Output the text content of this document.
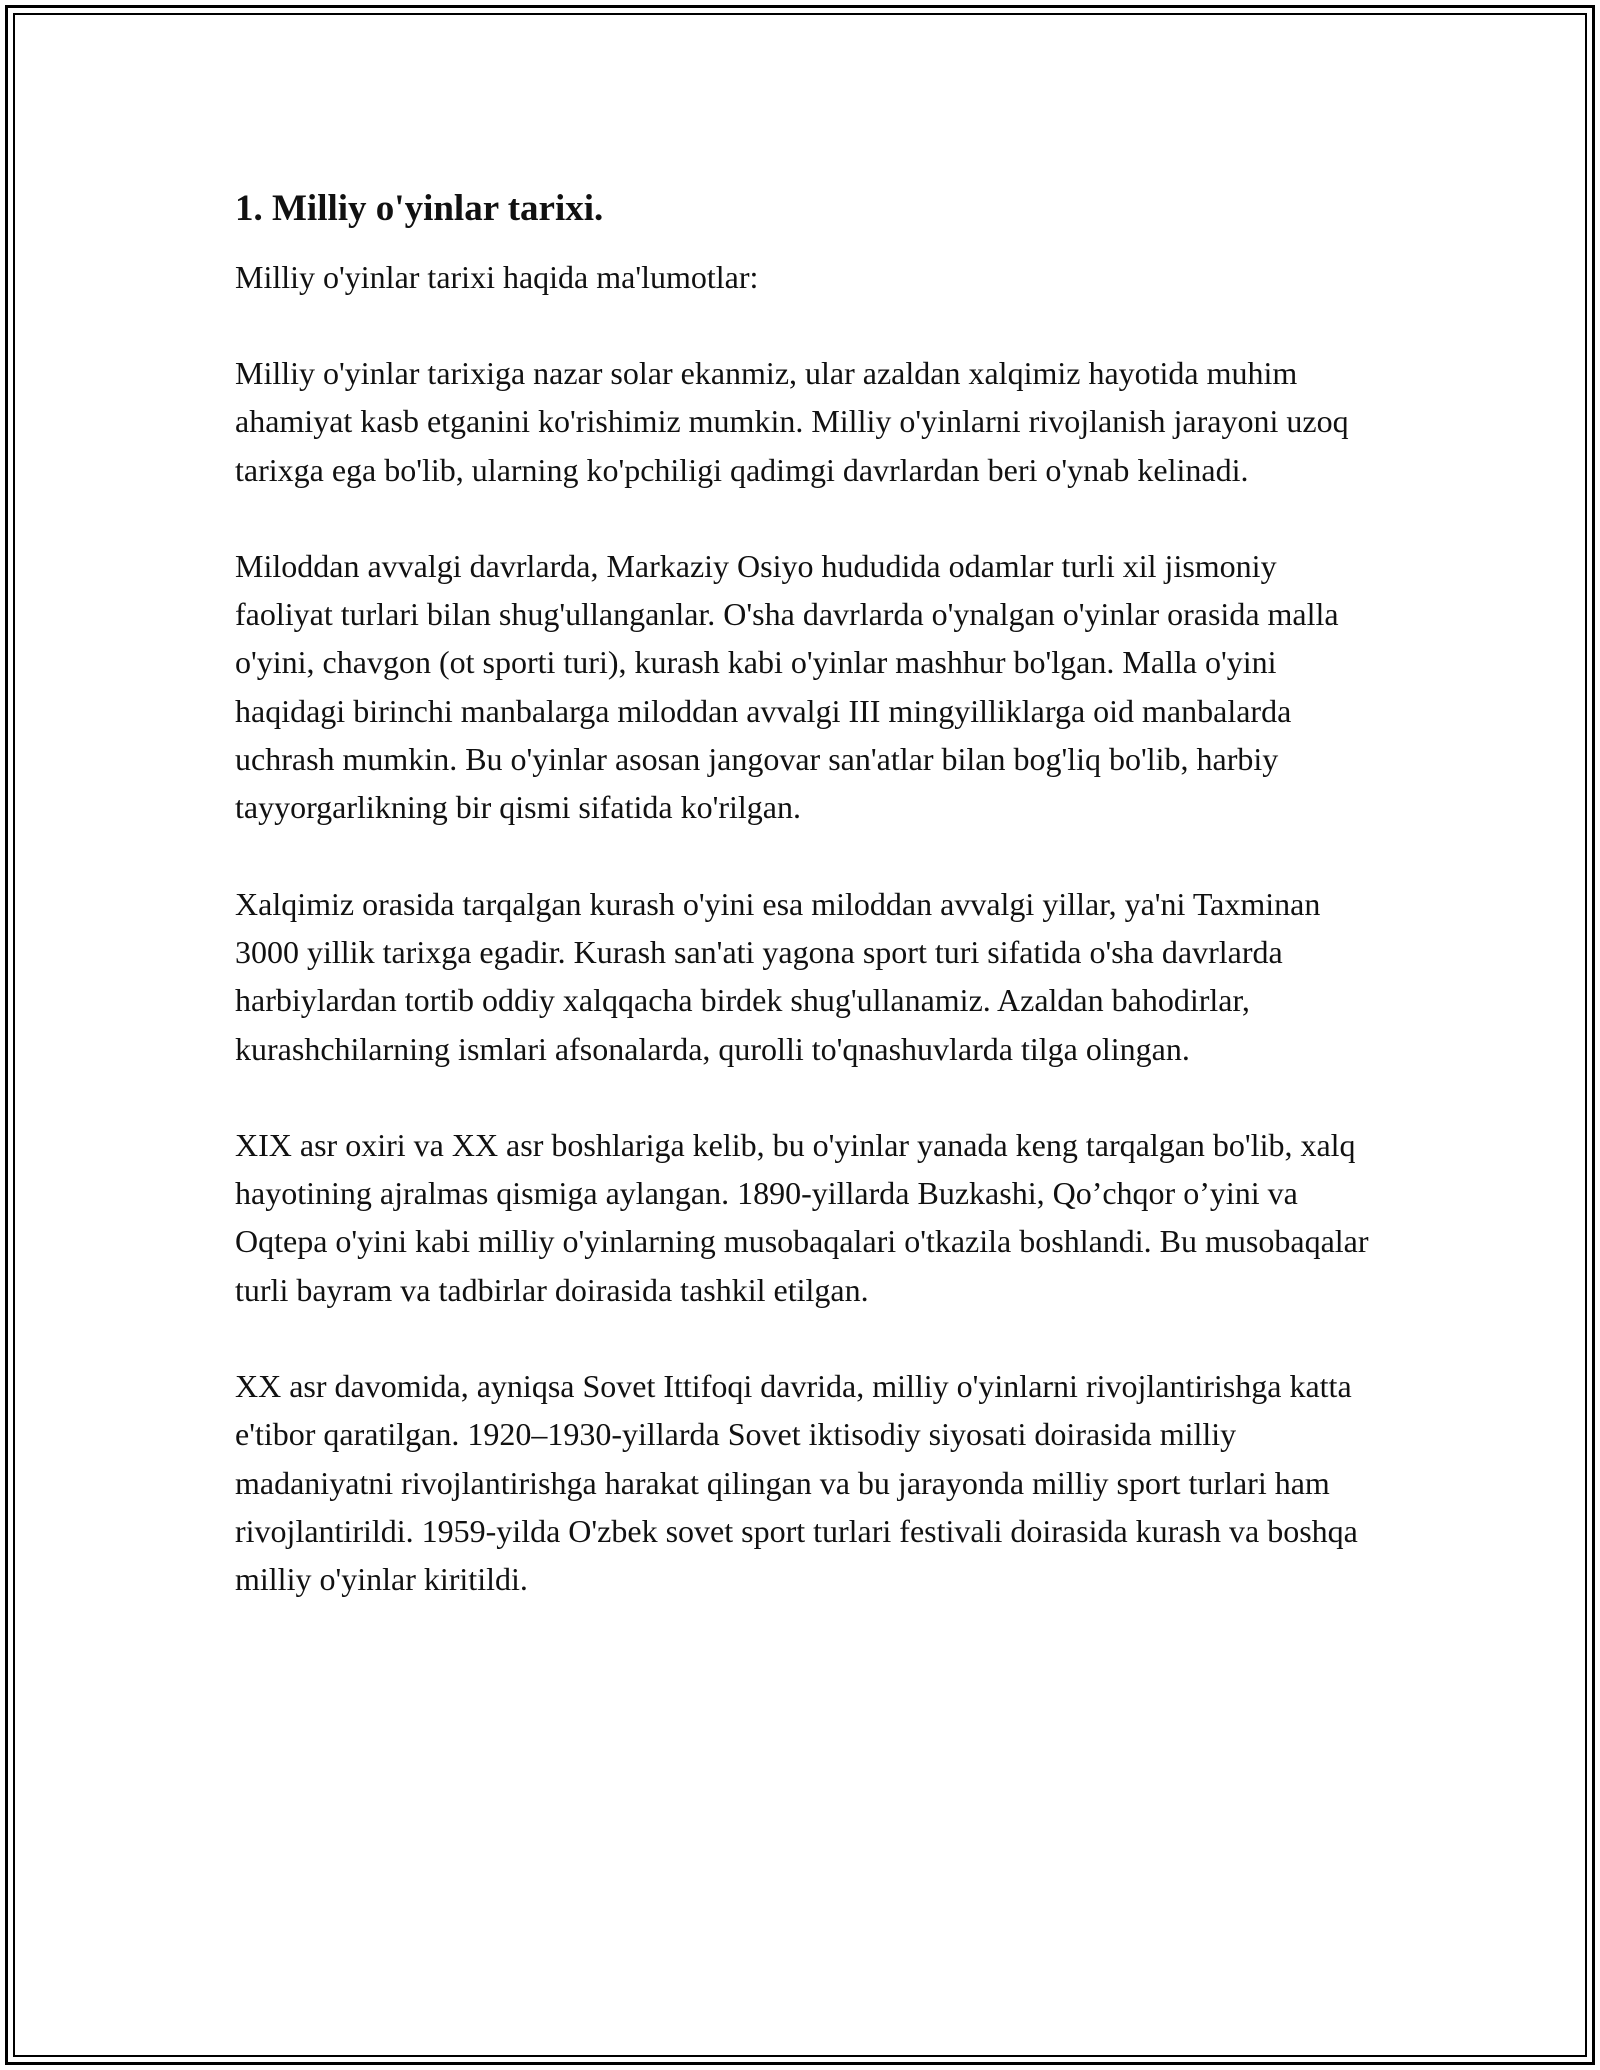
1. Milliy o'yinlar tarixi.

Milliy o'yinlar tarixi haqida ma'lumotlar:

Milliy o'yinlar tarixiga nazar solar ekanmiz, ular azaldan xalqimiz hayotida muhim ahamiyat kasb etganini ko'rishimiz mumkin. Milliy o'yinlarni rivojlanish jarayoni uzoq tarixga ega bo'lib, ularning ko'pchiligi qadimgi davrlardan beri o'ynab kelinadi.

Miloddan avvalgi davrlarda, Markaziy Osiyo hududida odamlar turli xil jismoniy faoliyat turlari bilan shug'ullanganlar. O'sha davrlarda o'ynalgan o'yinlar orasida malla o'yini, chavgon (ot sporti turi), kurash kabi o'yinlar mashhur bo'lgan. Malla o'yini haqidagi birinchi manbalarga miloddan avvalgi III mingyilliklarga oid manbalarda uchrash mumkin. Bu o'yinlar asosan jangovar san'atlar bilan bog'liq bo'lib, harbiy tayyorgarlikning bir qismi sifatida ko'rilgan.

Xalqimiz orasida tarqalgan kurash o'yini esa miloddan avvalgi yillar, ya'ni Taxminan 3000 yillik tarixga egadir. Kurash san'ati yagona sport turi sifatida o'sha davrlarda harbiylardan tortib oddiy xalqqacha birdek shug'ullanamiz. Azaldan bahodirlar, kurashchilarning ismlari afsonalarda, qurolli to'qnashuvlarda tilga olingan.

XIX asr oxiri va XX asr boshlariga kelib, bu o'yinlar yanada keng tarqalgan bo'lib, xalq hayotining ajralmas qismiga aylangan. 1890-yillarda Buzkashi, Qo’chqor o’yini va Oqtepa o'yini kabi milliy o'yinlarning musobaqalari o'tkazila boshlandi. Bu musobaqalar turli bayram va tadbirlar doirasida tashkil etilgan.

XX asr davomida, ayniqsa Sovet Ittifoqi davrida, milliy o'yinlarni rivojlantirishga katta e'tibor qaratilgan. 1920–1930-yillarda Sovet iktisodiy siyosati doirasida milliy madaniyatni rivojlantirishga harakat qilingan va bu jarayonda milliy sport turlari ham rivojlantirildi. 1959-yilda O'zbek sovet sport turlari festivali doirasida kurash va boshqa milliy o'yinlar kiritildi.
